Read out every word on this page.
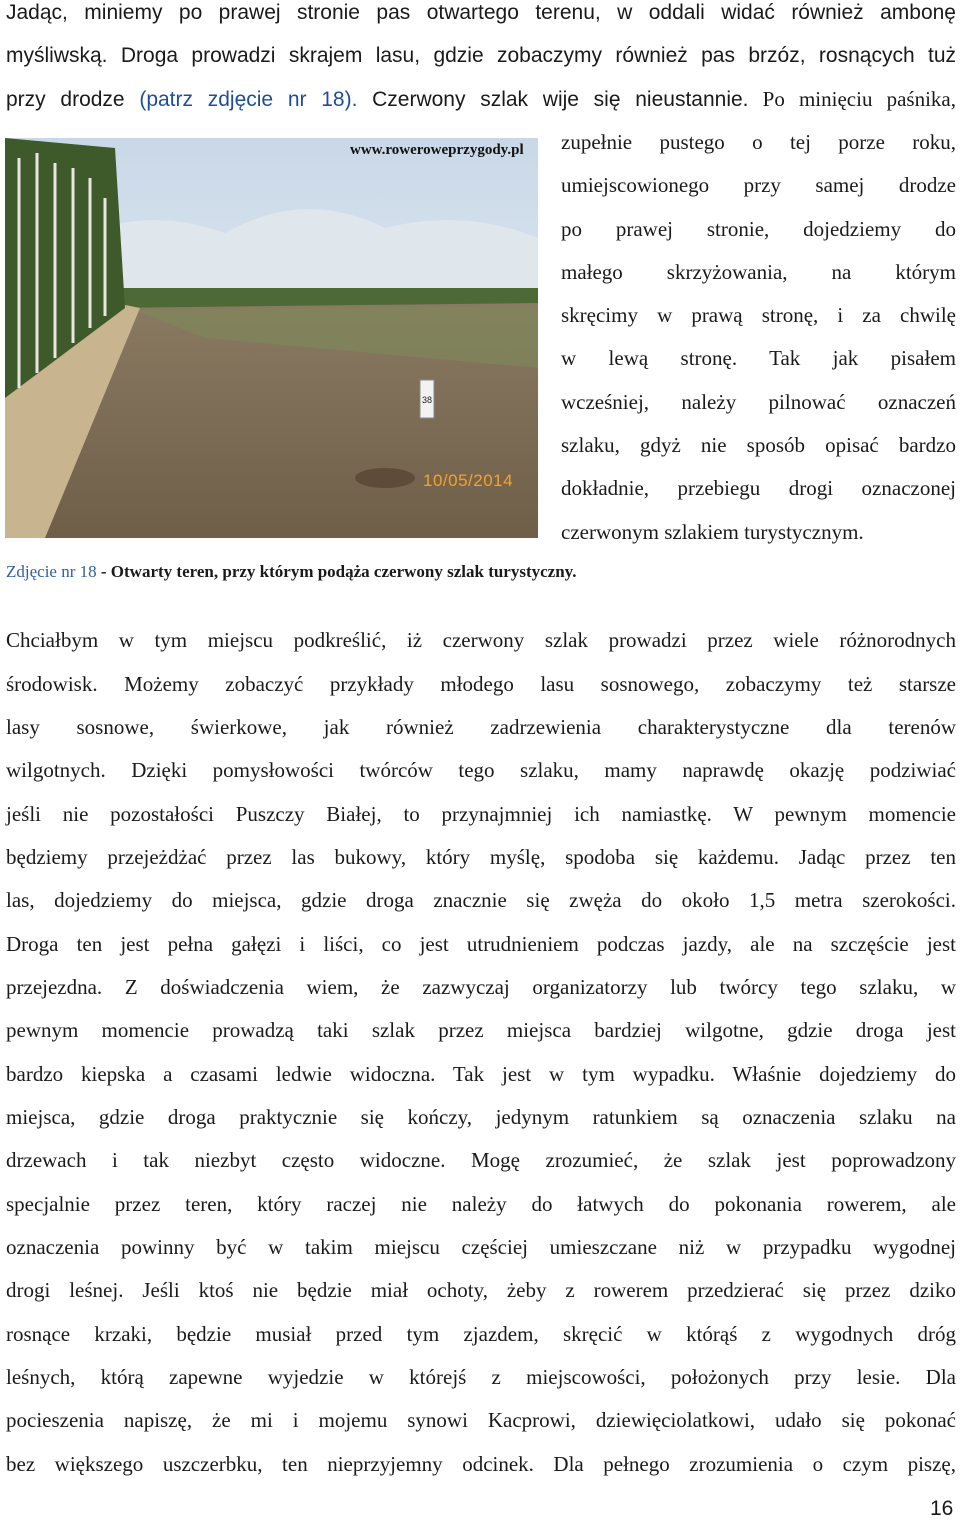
Jadąc, miniemy po prawej stronie pas otwartego terenu, w oddali widać również ambonę
myśliwską. Droga prowadzi skrajem lasu, gdzie zobaczymy również pas brzóz, rosnących tuż
przy drodze (patrz zdjęcie nr 18). Czerwony szlak wije się nieustannie. Po minięciu paśnika,
38
www.roweroweprzygody.pl
10/05/2014
zupełnie pustego o tej porze roku,
umiejscowionego przy samej drodze
po prawej stronie, dojedziemy do
małego skrzyżowania, na którym
skręcimy w prawą stronę, i za chwilę
w lewą stronę. Tak jak pisałem
wcześniej, należy pilnować oznaczeń
szlaku, gdyż nie sposób opisać bardzo
dokładnie, przebiegu drogi oznaczonej
czerwonym szlakiem turystycznym.
Zdjęcie nr 18 - Otwarty teren, przy którym podąża czerwony szlak turystyczny.
Chciałbym w tym miejscu podkreślić, iż czerwony szlak prowadzi przez wiele różnorodnych
środowisk. Możemy zobaczyć przykłady młodego lasu sosnowego, zobaczymy też starsze
lasy sosnowe, świerkowe, jak również zadrzewienia charakterystyczne dla terenów
wilgotnych. Dzięki pomysłowości twórców tego szlaku, mamy naprawdę okazję podziwiać
jeśli nie pozostałości Puszczy Białej, to przynajmniej ich namiastkę. W pewnym momencie
będziemy przejeżdżać przez las bukowy, który myślę, spodoba się każdemu. Jadąc przez ten
las, dojedziemy do miejsca, gdzie droga znacznie się zwęża do około 1,5 metra szerokości.
Droga ten jest pełna gałęzi i liści, co jest utrudnieniem podczas jazdy, ale na szczęście jest
przejezdna. Z doświadczenia wiem, że zazwyczaj organizatorzy lub twórcy tego szlaku, w
pewnym momencie prowadzą taki szlak przez miejsca bardziej wilgotne, gdzie droga jest
bardzo kiepska a czasami ledwie widoczna. Tak jest w tym wypadku. Właśnie dojedziemy do
miejsca, gdzie droga praktycznie się kończy, jedynym ratunkiem są oznaczenia szlaku na
drzewach i tak niezbyt często widoczne. Mogę zrozumieć, że szlak jest poprowadzony
specjalnie przez teren, który raczej nie należy do łatwych do pokonania rowerem, ale
oznaczenia powinny być w takim miejscu częściej umieszczane niż w przypadku wygodnej
drogi leśnej. Jeśli ktoś nie będzie miał ochoty, żeby z rowerem przedzierać się przez dziko
rosnące krzaki, będzie musiał przed tym zjazdem, skręcić w którąś z wygodnych dróg
leśnych, którą zapewne wyjedzie w którejś z miejscowości, położonych przy lesie. Dla
pocieszenia napiszę, że mi i mojemu synowi Kacprowi, dziewięciolatkowi, udało się pokonać
bez większego uszczerbku, ten nieprzyjemny odcinek. Dla pełnego zrozumienia o czym piszę,
16
